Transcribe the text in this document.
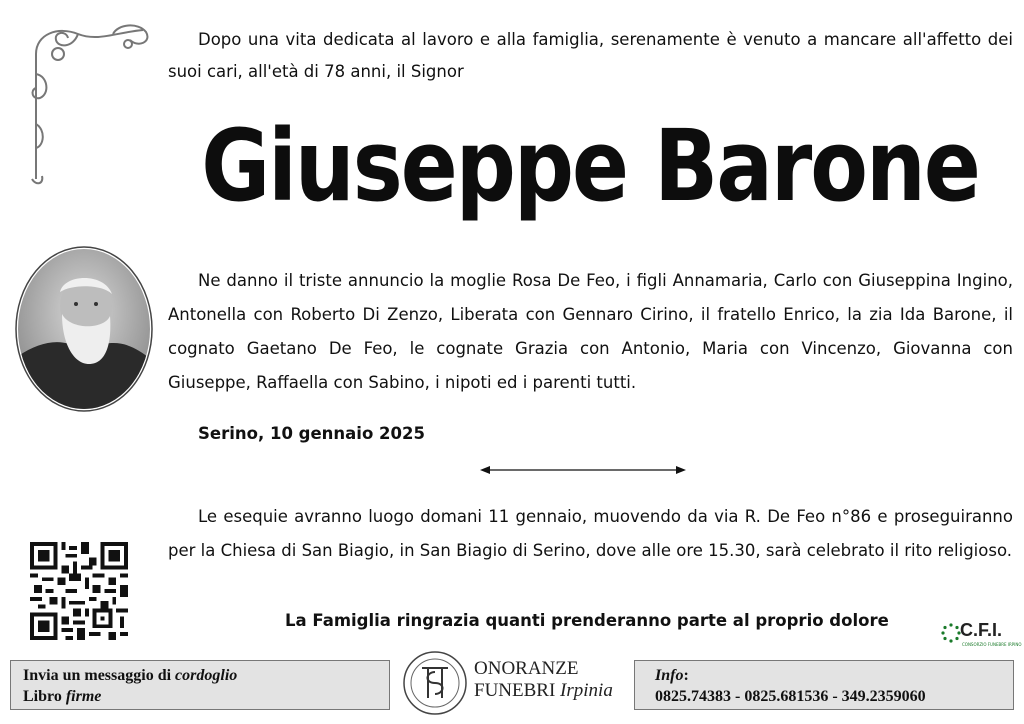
Dopo una vita dedicata al lavoro e alla famiglia, serenamente è venuto a mancare all'affetto dei suoi cari, all'età di 78 anni, il Signor
Giuseppe Barone
Ne danno il triste annuncio la moglie Rosa De Feo, i figli Annamaria, Carlo con Giuseppina Ingino, Antonella con Roberto Di Zenzo, Liberata con Gennaro Cirino, il fratello Enrico, la zia Ida Barone, il cognato Gaetano De Feo, le cognate Grazia con Antonio, Maria con Vincenzo, Giovanna con Giuseppe, Raffaella con Sabino, i nipoti ed i parenti tutti.
Serino, 10 gennaio 2025
Le esequie avranno luogo domani 11 gennaio, muovendo da via R. De Feo n°86 e proseguiranno per la Chiesa di San Biagio, in San Biagio di Serino, dove alle ore 15.30, sarà celebrato il rito religioso.
La Famiglia ringrazia quanti prenderanno parte al proprio dolore	C.F.I.
CONSORZIO FUNEBRE IRPINO
Invia un messaggio di cordoglio
Libro firme
ONORANZE
FUNEBRI Irpinia
Info:
0825.74383 - 0825.681536 - 349.2359060
